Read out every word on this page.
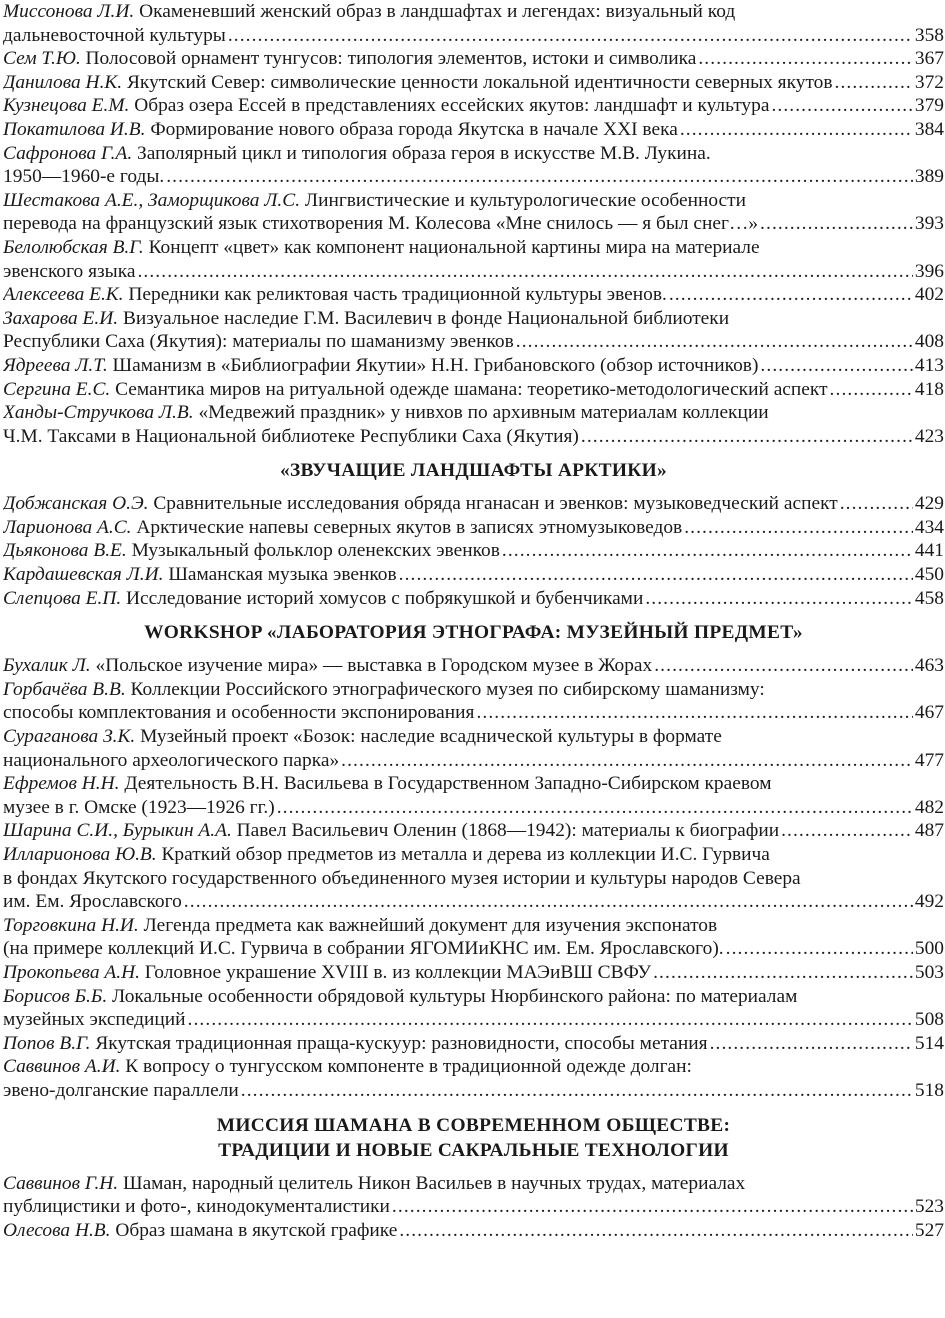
Миссонова Л.И. Окаменевший женский образ в ландшафтах и легендах: визуальный код
дальневосточной культуры .....	358
Сем Т.Ю. Полосовой орнамент тунгусов: типология элементов, истоки и символика .....	367
Данилова Н.К. Якутский Север: символические ценности локальной идентичности северных якутов .....	372
Кузнецова Е.М. Образ озера Ессей в представлениях ессейских якутов: ландшафт и культура .....	379
Покатилова И.В. Формирование нового образа города Якутска в начале XXI века .....	384
Сафронова Г.А. Заполярный цикл и типология образа героя в искусстве М.В. Лукина.
1950—1960-е годы. .....	389
Шестакова А.Е., Заморщикова Л.С. Лингвистические и культурологические особенности
перевода на французский язык стихотворения М. Колесова «Мне снилось — я был снег…» .....	393
Белолюбская В.Г. Концепт «цвет» как компонент национальной картины мира на материале
эвенского языка .....	396
Алексеева Е.К. Передники как реликтовая часть традиционной культуры эвенов. .....	402
Захарова Е.И. Визуальное наследие Г.М. Василевич в фонде Национальной библиотеки
Республики Саха (Якутия): материалы по шаманизму эвенков .....	408
Ядреева Л.Т. Шаманизм в «Библиографии Якутии» Н.Н. Грибановского (обзор источников) .....	413
Сергина Е.С. Семантика миров на ритуальной одежде шамана: теоретико-методологический аспект .....	418
Ханды-Стручкова Л.В. «Медвежий праздник» у нивхов по архивным материалам коллекции
Ч.М. Таксами в Национальной библиотеке Республики Саха (Якутия) .....	423
«ЗВУЧАЩИЕ ЛАНДШАФТЫ АРКТИКИ»
Добжанская О.Э. Сравнительные исследования обряда нганасан и эвенков: музыковедческий аспект .....	429
Ларионова А.С. Арктические напевы северных якутов в записях этномузыковедов .....	434
Дьяконова В.Е. Музыкальный фольклор оленекских эвенков .....	441
Кардашевская Л.И. Шаманская музыка эвенков .....	450
Слепцова Е.П. Исследование историй хомусов с побрякушкой и бубенчиками .....	458
WORKSHOP «ЛАБОРАТОРИЯ ЭТНОГРАФА: МУЗЕЙНЫЙ ПРЕДМЕТ»
Бухалик Л. «Польское изучение мира» — выставка в Городском музее в Жорах .....	463
Горбачёва В.В. Коллекции Российского этнографического музея по сибирскому шаманизму:
способы комплектования и особенности экспонирования .....	467
Сураганова З.К. Музейный проект «Бозок: наследие всаднической культуры в формате
национального археологического парка» .....	477
Ефремов Н.Н. Деятельность В.Н. Васильева в Государственном Западно-Сибирском краевом
музее в г. Омске (1923—1926 гг.) .....	482
Шарина С.И., Бурыкин А.А. Павел Васильевич Оленин (1868—1942): материалы к биографии .....	487
Илларионова Ю.В. Краткий обзор предметов из металла и дерева из коллекции И.С. Гурвича
в фондах Якутского государственного объединенного музея истории и культуры народов Севера
им. Ем. Ярославского .....	492
Торговкина Н.И. Легенда предмета как важнейший документ для изучения экспонатов
(на примере коллекций И.С. Гурвича в собрании ЯГОМИиКНС им. Ем. Ярославского). .....	500
Прокопьева А.Н. Головное украшение XVIII в. из коллекции МАЭиВШ СВФУ .....	503
Борисов Б.Б. Локальные особенности обрядовой культуры Нюрбинского района: по материалам
музейных экспедиций .....	508
Попов В.Г. Якутская традиционная праща-кускуур: разновидности, способы метания .....	514
Саввинов А.И. К вопросу о тунгусском компоненте в традиционной одежде долган:
эвено-долганские параллели .....	518
МИССИЯ ШАМАНА В СОВРЕМЕННОМ ОБЩЕСТВЕ:
ТРАДИЦИИ И НОВЫЕ САКРАЛЬНЫЕ ТЕХНОЛОГИИ
Саввинов Г.Н. Шаман, народный целитель Никон Васильев в научных трудах, материалах
публицистики и фото-, кинодокументалистики .....	523
Олесова Н.В. Образ шамана в якутской графике .....	527
